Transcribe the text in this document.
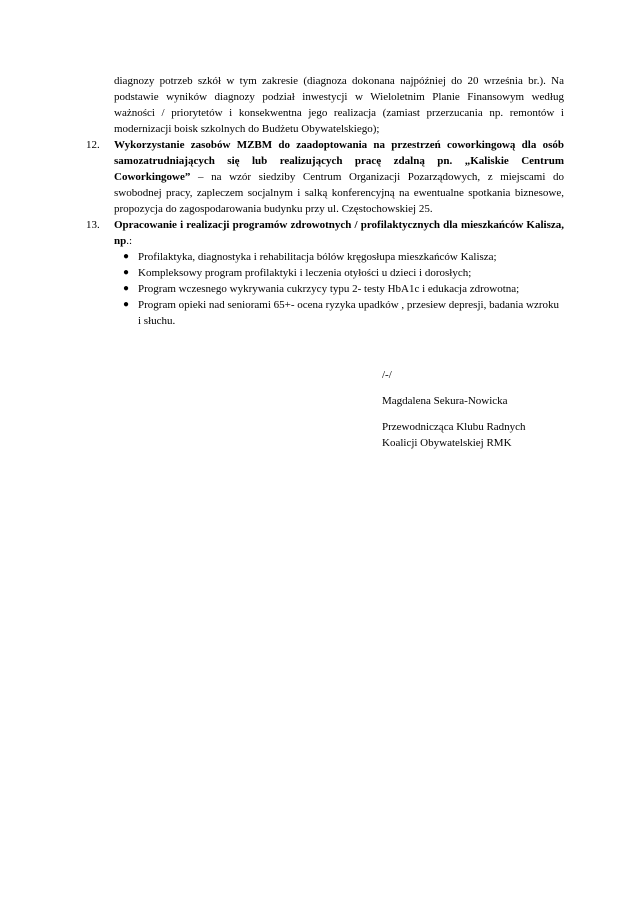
diagnozy potrzeb szkół w tym zakresie (diagnoza dokonana najpóźniej do 20 września br.). Na podstawie wyników diagnozy podział inwestycji w Wieloletnim Planie Finansowym według ważności / priorytetów i konsekwentna jego realizacja (zamiast przerzucania np. remontów i modernizacji boisk szkolnych do Budżetu Obywatelskiego);

12. Wykorzystanie zasobów MZBM do zaadoptowania na przestrzeń coworkingową dla osób samozatrudniających się lub realizujących pracę zdalną pn. „Kaliskie Centrum Coworkingowe” – na wzór siedziby Centrum Organizacji Pozarządowych, z miejscami do swobodnej pracy, zapleczem socjalnym i salką konferencyjną na ewentualne spotkania biznesowe, propozycja do zagospodarowania budynku przy ul. Częstochowskiej 25.
13. Opracowanie i realizacji programów zdrowotnych / profilaktycznych dla mieszkańców Kalisza, np.:
● Profilaktyka, diagnostyka i rehabilitacja bólów kręgosłupa mieszkańców Kalisza;
● Kompleksowy program profilaktyki i leczenia otyłości u dzieci i dorosłych;
● Program wczesnego wykrywania cukrzycy typu 2- testy HbA1c i edukacja zdrowotna;
● Program opieki nad seniorami 65+- ocena ryzyka upadków , przesiew depresji, badania wzroku i słuchu.
/-/
Magdalena Sekura-Nowicka
Przewodnicząca Klubu Radnych
Koalicji Obywatelskiej RMK
